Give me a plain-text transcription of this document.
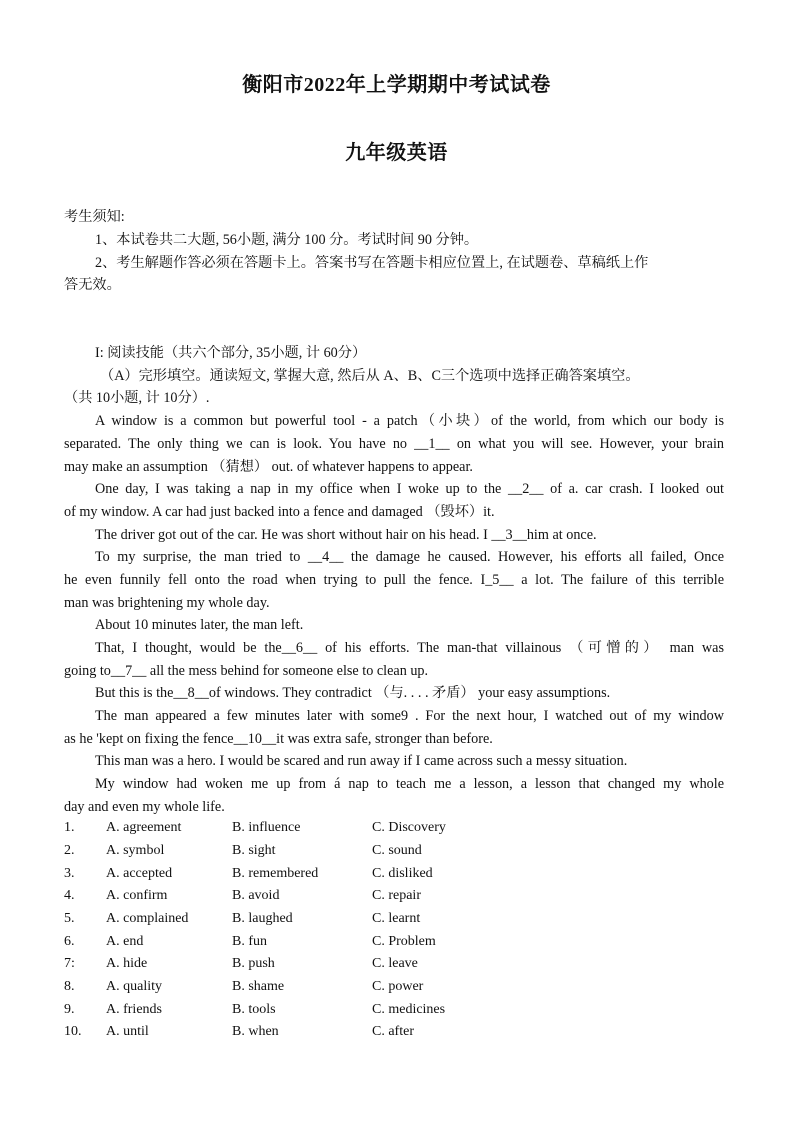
衡阳市2022年上学期期中考试试卷
九年级英语
考生须知:
1、本试卷共二大题, 56小题, 满分 100 分。考试时间 90 分钟。
2、考生解题作答必须在答题卡上。答案书写在答题卡相应位置上, 在试题卷、草稿纸上作
答无效。
I: 阅读技能（共六个部分, 35小题, 计 60分）
（A）完形填空。通读短文, 掌握大意, 然后从 A、B、C三个选项中选择正确答案填空。
（共 10小题, 计 10分）.
A window is a common but powerful tool - a patch（小块）of the world, from which our body is
separated. The only thing we can is look. You have no __1__ on what you will see. However, your brain
may make an assumption （猜想） out. of whatever happens to appear.
One day, I was taking a nap in my office when I woke up to the __2__ of a. car crash. I looked out
of my window. A car had just backed into a fence and damaged （毁坏）it.
The driver got out of the car. He was short without hair on his head. I __3__him at once.
To my surprise, the man tried to __4__ the damage he caused. However, his efforts all failed, Once
he even funnily fell onto the road when trying to pull the fence. I_5__ a lot. The failure of this terrible
man was brightening my whole day.
About 10 minutes later, the man left.
That, I thought, would be the__6__ of his efforts. The man-that villainous （可憎的） man was
going to__7__ all the mess behind for someone else to clean up.
But this is the__8__of windows. They contradict （与. . . . 矛盾） your easy assumptions.
The man appeared a few minutes later with some9 . For the next hour, I watched out of my window
as he 'kept on fixing the fence__10__it was extra safe, stronger than before.
This man was a hero. I would be scared and run away if I came across such a messy situation.
My window had woken me up from á nap to teach me a lesson, a lesson that changed my whole
day and even my whole life.
1. A. agreement	B. influence	C. Discovery
2. A. symbol	B. sight	C. sound
3. A. accepted	B. remembered	C. disliked
4. A. confirm	B. avoid	C. repair
5. A. complained	B. laughed	C. learnt
6. A. end	B. fun	C. Problem
7: A. hide	B. push	C. leave
8. A. quality	B. shame	C. power
9. A. friends	B. tools	C. medicines
10. A. until	B. when	C. after
